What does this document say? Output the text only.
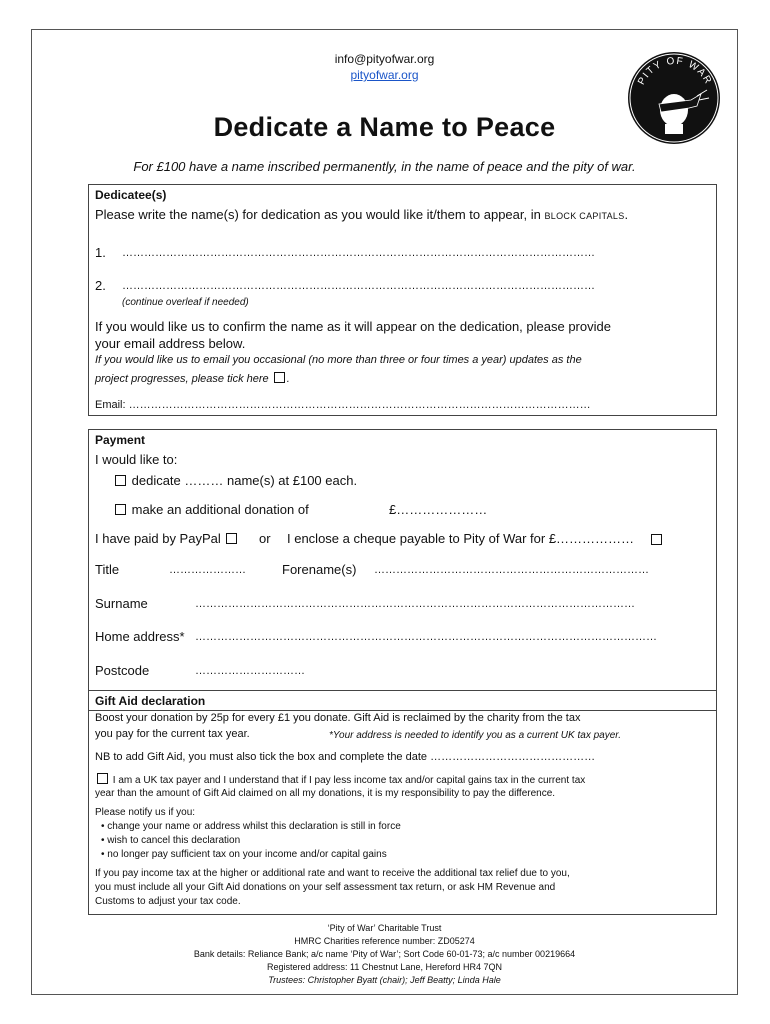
info@pityofwar.org
pityofwar.org	PITY OF WAR
Dedicate a Name to Peace
For £100 have a name inscribed permanently, in the name of peace and the pity of war.
Dedicatee(s)
Please write the name(s) for dedication as you would like it/them to appear, in BLOCK CAPITALS.
1. …………………………………………………………………………………………………………………
2. …………………………………………………………………………………………………………………
(continue overleaf if needed)
If you would like us to confirm the name as it will appear on the dedication, please provide
your email address below.
If you would like us to email you occasional (no more than three or four times a year) updates as the
project progresses, please tick here .
Email: ………………………………………………………………………………………………………………
Payment
I would like to:
dedicate ……… name(s) at £100 each.
make an additional donation of	£…………………
I have paid by PayPal	or I enclose a cheque payable to Pity of War for £………………
Title	…………………	Forename(s) …………………………………………………………………
Surname	…………………………………………………………………………………………………………
Home address* ………………………………………………………………………………………………………………
Postcode	…………………………
Gift Aid declaration
Boost your donation by 25p for every £1 you donate. Gift Aid is reclaimed by the charity from the tax
you pay for the current tax year.	*Your address is needed to identify you as a current UK tax payer.
NB to add Gift Aid, you must also tick the box and complete the date ………………………………………
I am a UK tax payer and I understand that if I pay less income tax and/or capital gains tax in the current tax
year than the amount of Gift Aid claimed on all my donations, it is my responsibility to pay the difference.
Please notify us if you:
• change your name or address whilst this declaration is still in force
• wish to cancel this declaration
• no longer pay sufficient tax on your income and/or capital gains
If you pay income tax at the higher or additional rate and want to receive the additional tax relief due to you,
you must include all your Gift Aid donations on your self assessment tax return, or ask HM Revenue and
Customs to adjust your tax code.
‘Pity of War’ Charitable Trust
HMRC Charities reference number: ZD05274
Bank details: Reliance Bank; a/c name ‘Pity of War’; Sort Code 60-01-73; a/c number 00219664
Registered address: 11 Chestnut Lane, Hereford HR4 7QN
Trustees: Christopher Byatt (chair); Jeff Beatty; Linda Hale
